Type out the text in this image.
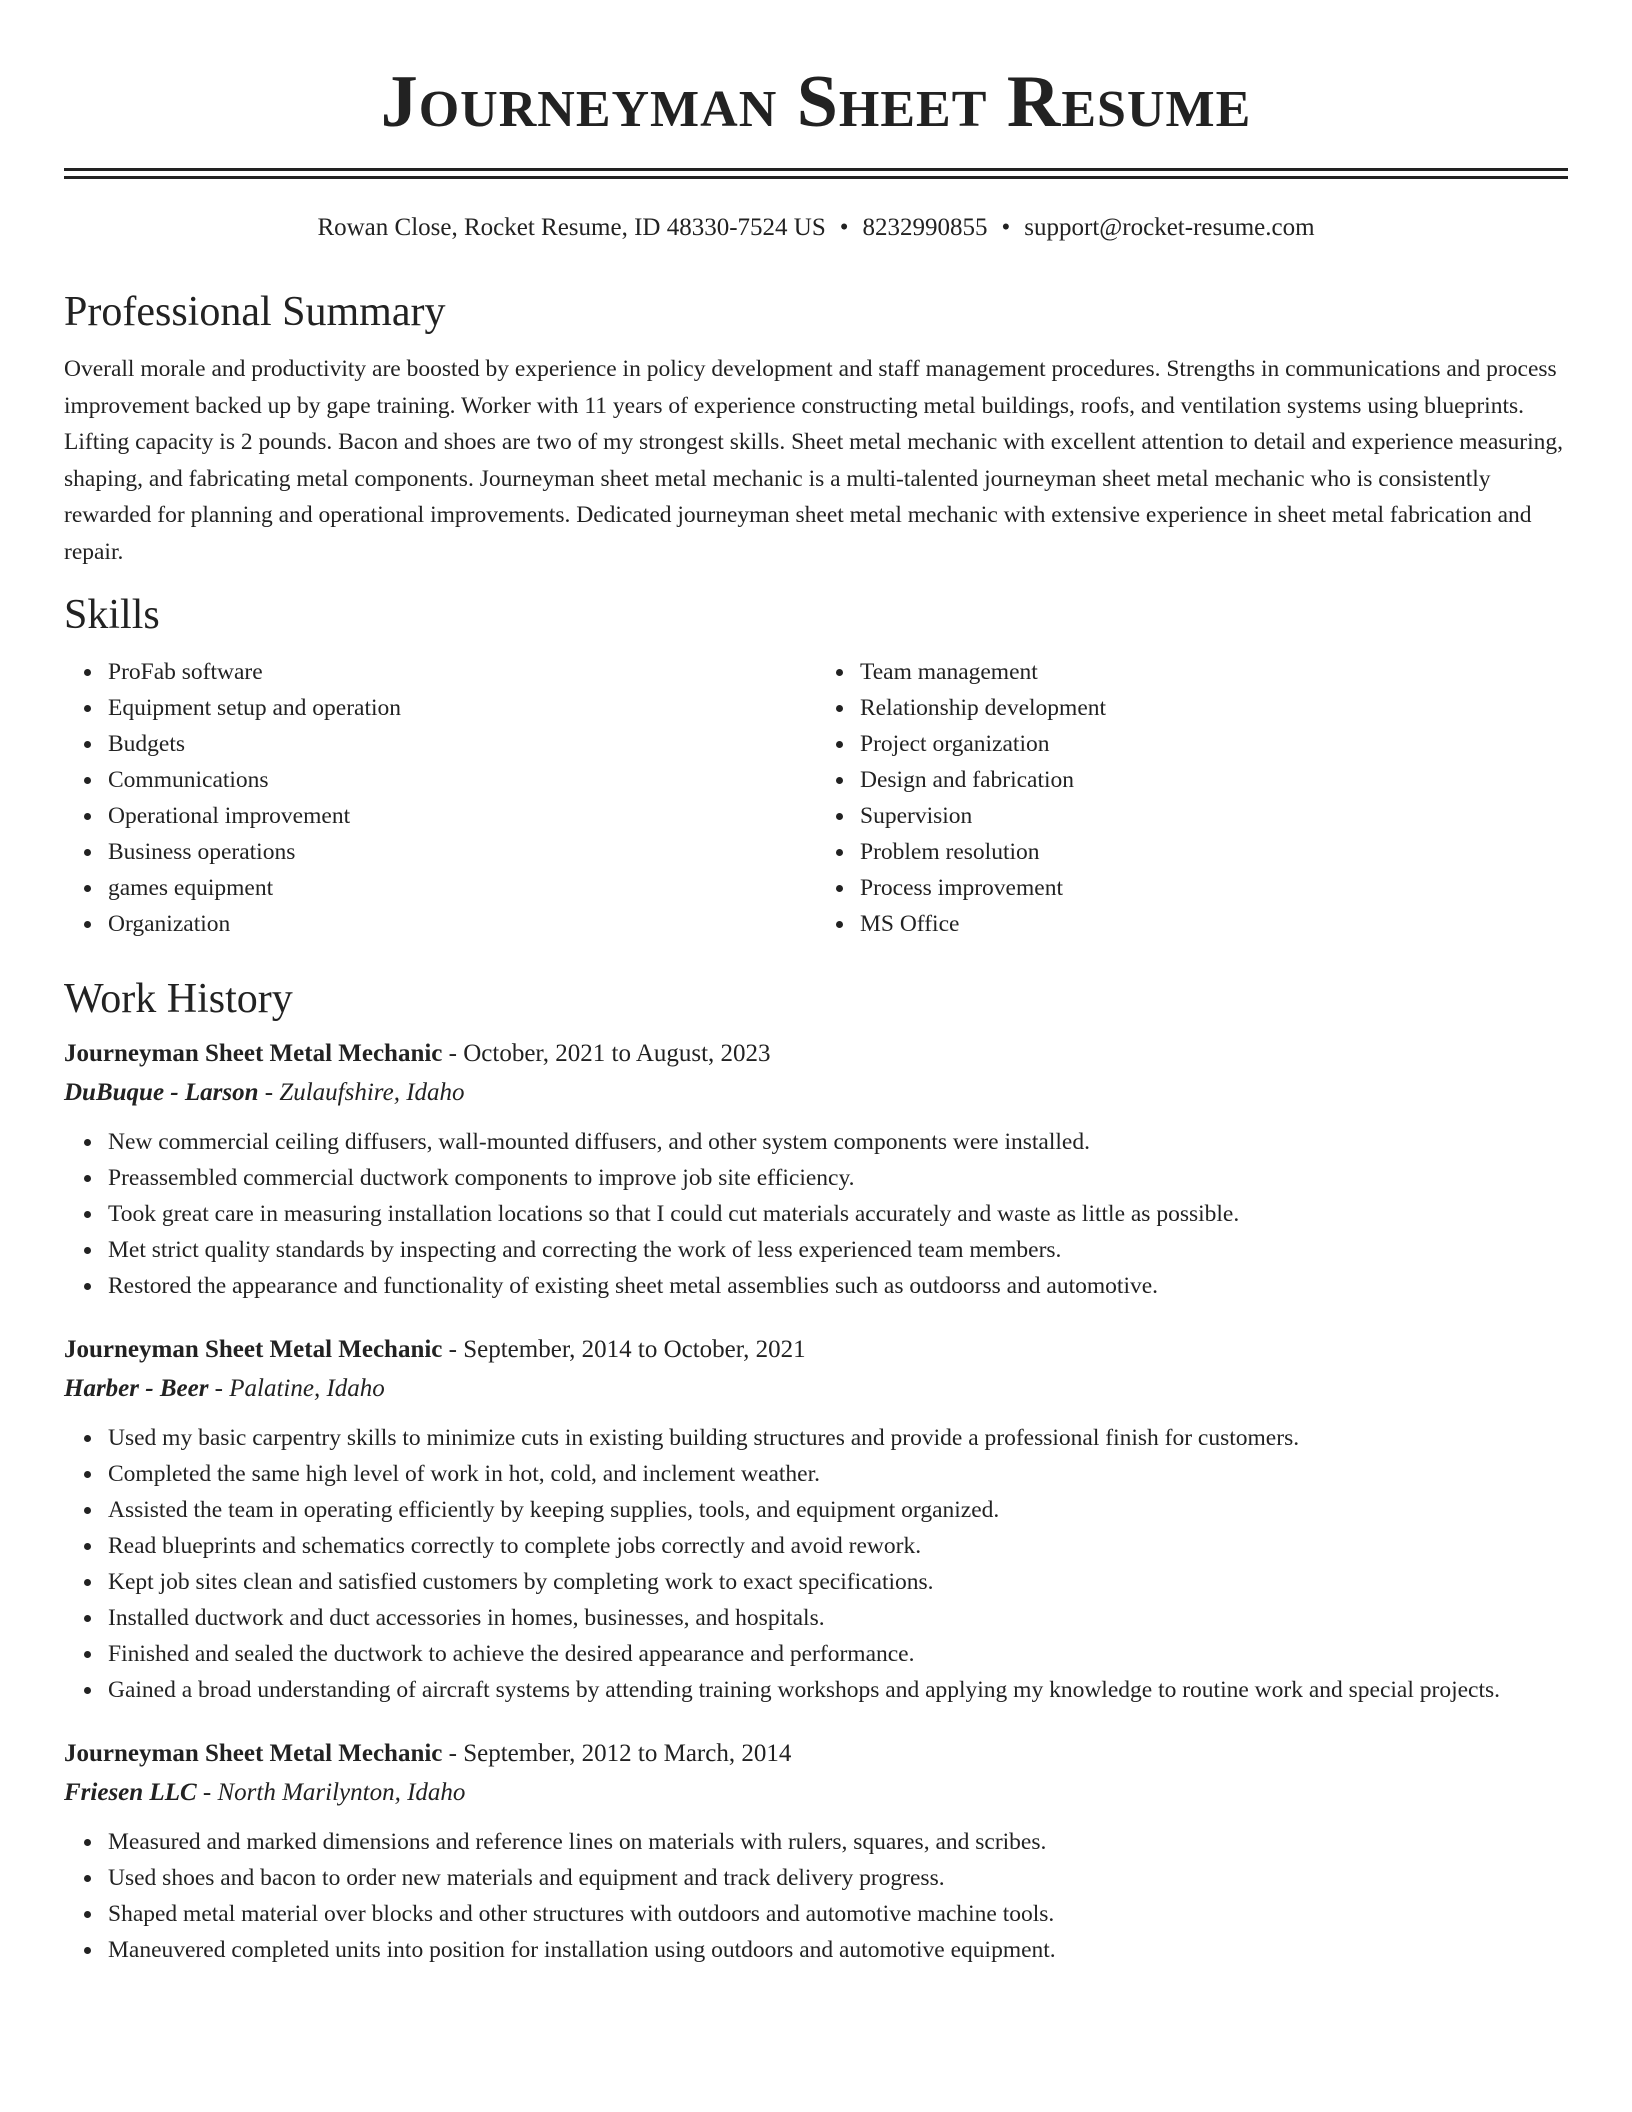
Journeyman Sheet Resume
Rowan Close, Rocket Resume, ID 48330-7524 US • 8232990855 • support@rocket-resume.com
Professional Summary
Overall morale and productivity are boosted by experience in policy development and staff management procedures. Strengths in communications and process improvement backed up by gape training. Worker with 11 years of experience constructing metal buildings, roofs, and ventilation systems using blueprints. Lifting capacity is 2 pounds. Bacon and shoes are two of my strongest skills. Sheet metal mechanic with excellent attention to detail and experience measuring, shaping, and fabricating metal components. Journeyman sheet metal mechanic is a multi-talented journeyman sheet metal mechanic who is consistently rewarded for planning and operational improvements. Dedicated journeyman sheet metal mechanic with extensive experience in sheet metal fabrication and repair.
Skills
ProFab software
Equipment setup and operation
Budgets
Communications
Operational improvement
Business operations
games equipment
Organization
Team management
Relationship development
Project organization
Design and fabrication
Supervision
Problem resolution
Process improvement
MS Office
Work History
Journeyman Sheet Metal Mechanic - October, 2021 to August, 2023
DuBuque - Larson - Zulaufshire, Idaho
New commercial ceiling diffusers, wall-mounted diffusers, and other system components were installed.
Preassembled commercial ductwork components to improve job site efficiency.
Took great care in measuring installation locations so that I could cut materials accurately and waste as little as possible.
Met strict quality standards by inspecting and correcting the work of less experienced team members.
Restored the appearance and functionality of existing sheet metal assemblies such as outdoorss and automotive.
Journeyman Sheet Metal Mechanic - September, 2014 to October, 2021
Harber - Beer - Palatine, Idaho
Used my basic carpentry skills to minimize cuts in existing building structures and provide a professional finish for customers.
Completed the same high level of work in hot, cold, and inclement weather.
Assisted the team in operating efficiently by keeping supplies, tools, and equipment organized.
Read blueprints and schematics correctly to complete jobs correctly and avoid rework.
Kept job sites clean and satisfied customers by completing work to exact specifications.
Installed ductwork and duct accessories in homes, businesses, and hospitals.
Finished and sealed the ductwork to achieve the desired appearance and performance.
Gained a broad understanding of aircraft systems by attending training workshops and applying my knowledge to routine work and special projects.
Journeyman Sheet Metal Mechanic - September, 2012 to March, 2014
Friesen LLC - North Marilynton, Idaho
Measured and marked dimensions and reference lines on materials with rulers, squares, and scribes.
Used shoes and bacon to order new materials and equipment and track delivery progress.
Shaped metal material over blocks and other structures with outdoors and automotive machine tools.
Maneuvered completed units into position for installation using outdoors and automotive equipment.
